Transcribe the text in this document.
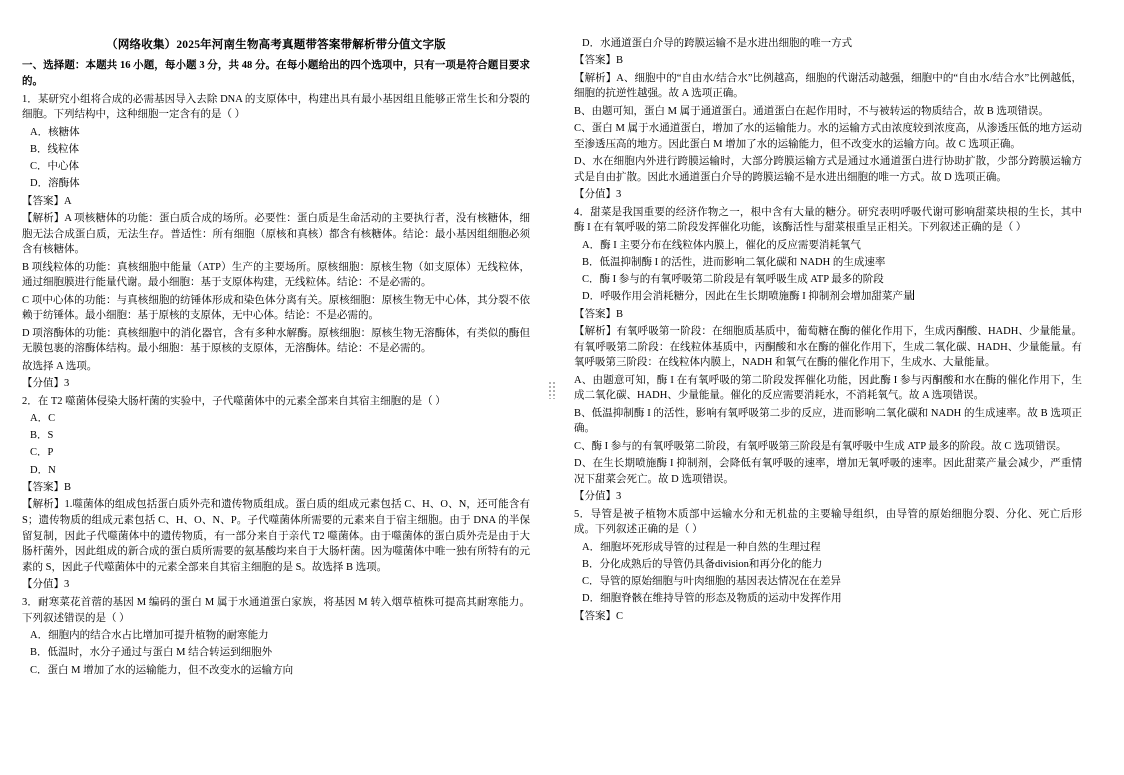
（网络收集）2025年河南生物高考真题带答案带解析带分值文字版

一、选择题：本题共 16 小题，每小题 3 分，共 48 分。在每小题给出的四个选项中，只有一项是符合题目要求的。

1．某研究小组将合成的必需基因导入去除 DNA 的支原体中，构建出具有最小基因组且能够正常生长和分裂的细胞。下列结构中，这种细胞一定含有的是（ ）

A．核糖体

B．线粒体

C．中心体

D．溶酶体

【答案】A

【解析】A 项核糖体的功能：蛋白质合成的场所。必要性：蛋白质是生命活动的主要执行者，没有核糖体，细胞无法合成蛋白质，无法生存。普适性：所有细胞（原核和真核）都含有核糖体。结论：最小基因组细胞必须含有核糖体。

B 项线粒体的功能：真核细胞中能量（ATP）生产的主要场所。原核细胞：原核生物（如支原体）无线粒体，通过细胞膜进行能量代谢。最小细胞：基于支原体构建，无线粒体。结论：不是必需的。

C 项中心体的功能：与真核细胞的纺锤体形成和染色体分离有关。原核细胞：原核生物无中心体，其分裂不依赖于纺锤体。最小细胞：基于原核的支原体，无中心体。结论：不是必需的。

D 项溶酶体的功能：真核细胞中的消化器官，含有多种水解酶。原核细胞：原核生物无溶酶体，有类似的酶但无膜包裹的溶酶体结构。最小细胞：基于原核的支原体，无溶酶体。结论：不是必需的。

故选择 A 选项。

【分值】3

2．在 T2 噬菌体侵染大肠杆菌的实验中，子代噬菌体中的元素全部来自其宿主细胞的是（ ）

A．C

B．S

C．P

D．N

【答案】B

【解析】1.噬菌体的组成包括蛋白质外壳和遗传物质组成。蛋白质的组成元素包括 C、H、O、N，还可能含有 S；遗传物质的组成元素包括 C、H、O、N、P。子代噬菌体所需要的元素来自于宿主细胞。由于 DNA 的半保留复制，因此子代噬菌体中的遗传物质，有一部分来自于亲代 T2 噬菌体。由于噬菌体的蛋白质外壳是由于大肠杆菌外，因此组成的新合成的蛋白质所需要的氨基酸均来自于大肠杆菌。因为噬菌体中唯一独有所特有的元素的 S，因此子代噬菌体中的元素全部来自其宿主细胞的是 S。故选择 B 选项。

【分值】3

3．耐寒菜花首蓿的基因 M 编码的蛋白 M 属于水通道蛋白家族，将基因 M 转入烟草植株可提高其耐寒能力。下列叙述错误的是（ ）

A．细胞内的结合水占比增加可提升植物的耐寒能力

B．低温时，水分子通过与蛋白 M 结合转运到细胞外

C．蛋白 M 增加了水的运输能力，但不改变水的运输方向

D．水通道蛋白介导的跨膜运输不是水进出细胞的唯一方式

【答案】B

【解析】A、细胞中的“自由水/结合水”比例越高，细胞的代谢活动越强，细胞中的“自由水/结合水”比例越低，细胞的抗逆性越强。故 A 选项正确。

B、由题可知，蛋白 M 属于通道蛋白。通道蛋白在起作用时，不与被转运的物质结合，故 B 选项错误。

C、蛋白 M 属于水通道蛋白，增加了水的运输能力。水的运输方式由浓度较到浓度高，从渗透压低的地方运动至渗透压高的地方。因此蛋白 M 增加了水的运输能力，但不改变水的运输方向。故 C 选项正确。

D、水在细胞内外进行跨膜运输时，大部分跨膜运输方式是通过水通道蛋白进行协助扩散，少部分跨膜运输方式是自由扩散。因此水通道蛋白介导的跨膜运输不是水进出细胞的唯一方式。故 D 选项正确。

【分值】3

4．甜菜是我国重要的经济作物之一，根中含有大量的糖分。研究表明呼吸代谢可影响甜菜块根的生长，其中酶 I 在有氧呼吸的第二阶段发挥催化功能，该酶活性与甜菜根重呈正相关。下列叙述正确的是（ ）

A．酶 I 主要分布在线粒体内膜上，催化的反应需要消耗氧气

B．低温抑制酶 I 的活性，进而影响二氧化碳和 NADH 的生成速率

C．酶 I 参与的有氧呼吸第二阶段是有氧呼吸生成 ATP 最多的阶段

D．呼吸作用会消耗糖分，因此在生长期喷施酶 I 抑制剂会增加甜菜产量

【答案】B

【解析】有氧呼吸第一阶段：在细胞质基质中，葡萄糖在酶的催化作用下，生成丙酮酸、HADH、少量能量。有氧呼吸第二阶段：在线粒体基质中，丙酮酸和水在酶的催化作用下，生成二氧化碳、HADH、少量能量。有氧呼吸第三阶段：在线粒体内膜上，NADH 和氧气在酶的催化作用下，生成水、大量能量。

A、由题意可知，酶 I 在有氧呼吸的第二阶段发挥催化功能，因此酶 I 参与丙酮酸和水在酶的催化作用下，生成二氧化碳、HADH、少量能量。催化的反应需要消耗水，不消耗氧气。故 A 选项错误。

B、低温抑制酶 I 的活性，影响有氧呼吸第二步的反应，进而影响二氧化碳和 NADH 的生成速率。故 B 选项正确。

C、酶 I 参与的有氧呼吸第二阶段，有氧呼吸第三阶段是有氧呼吸中生成 ATP 最多的阶段。故 C 选项错误。

D、在生长期喷施酶 I 抑制剂，会降低有氧呼吸的速率，增加无氧呼吸的速率。因此甜菜产量会减少，严重情况下甜菜会死亡。故 D 选项错误。

【分值】3

5．导管是被子植物木质部中运输水分和无机盐的主要输导组织，由导管的原始细胞分裂、分化、死亡后形成。下列叙述正确的是（ ）

A．细胞坏死形成导管的过程是一种自然的生理过程

B．分化成熟后的导管仍具备division和再分化的能力

C．导管的原始细胞与叶肉细胞的基因表达情况在在差异

D．细胞脊骸在维持导管的形态及物质的运动中发挥作用

【答案】C
